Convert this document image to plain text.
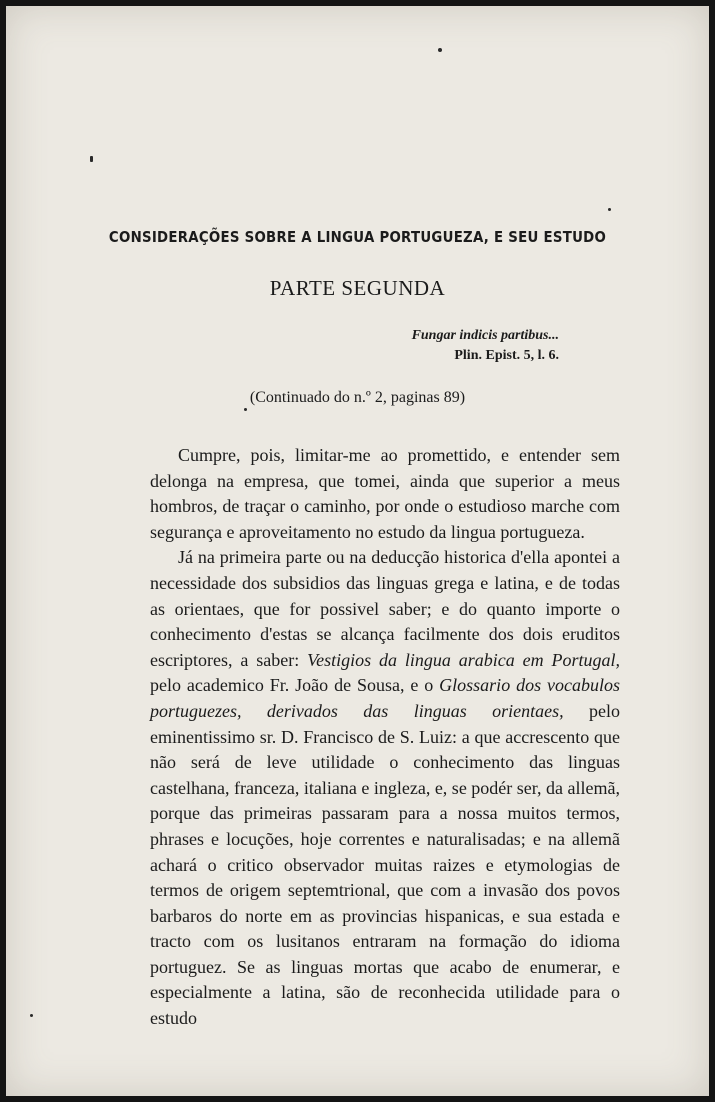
CONSIDERAÇÕES SOBRE A LINGUA PORTUGUEZA, E SEU ESTUDO
PARTE SEGUNDA
Fungar indicis partibus...
Plin. Epist. 5, l. 6.
(Continuado do n.º 2, paginas 89)

Cumpre, pois, limitar-me ao promettido, e entender sem delonga na empresa, que tomei, ainda que superior a meus hombros, de traçar o caminho, por onde o estudioso marche com segurança e aproveitamento no estudo da lingua portugueza.

Já na primeira parte ou na deducção historica d'ella apontei a necessidade dos subsidios das linguas grega e latina, e de todas as orientaes, que for possivel saber; e do quanto importe o conhecimento d'estas se alcança facilmente dos dois eruditos escriptores, a saber: Vestigios da lingua arabica em Portugal, pelo academico Fr. João de Sousa, e o Glossario dos vocabulos portuguezes, derivados das linguas orientaes, pelo eminentissimo sr. D. Francisco de S. Luiz: a que accrescento que não será de leve utilidade o conhecimento das linguas castelhana, franceza, italiana e ingleza, e, se podér ser, da allemã, porque das primeiras passaram para a nossa muitos termos, phrases e locuções, hoje correntes e naturalisadas; e na allemã achará o critico observador muitas raizes e etymologias de termos de origem septemtrional, que com a invasão dos povos barbaros do norte em as provincias hispanicas, e sua estada e tracto com os lusitanos entraram na formação do idioma portuguez. Se as linguas mortas que acabo de enumerar, e especialmente a latina, são de reconhecida utilidade para o estudo
